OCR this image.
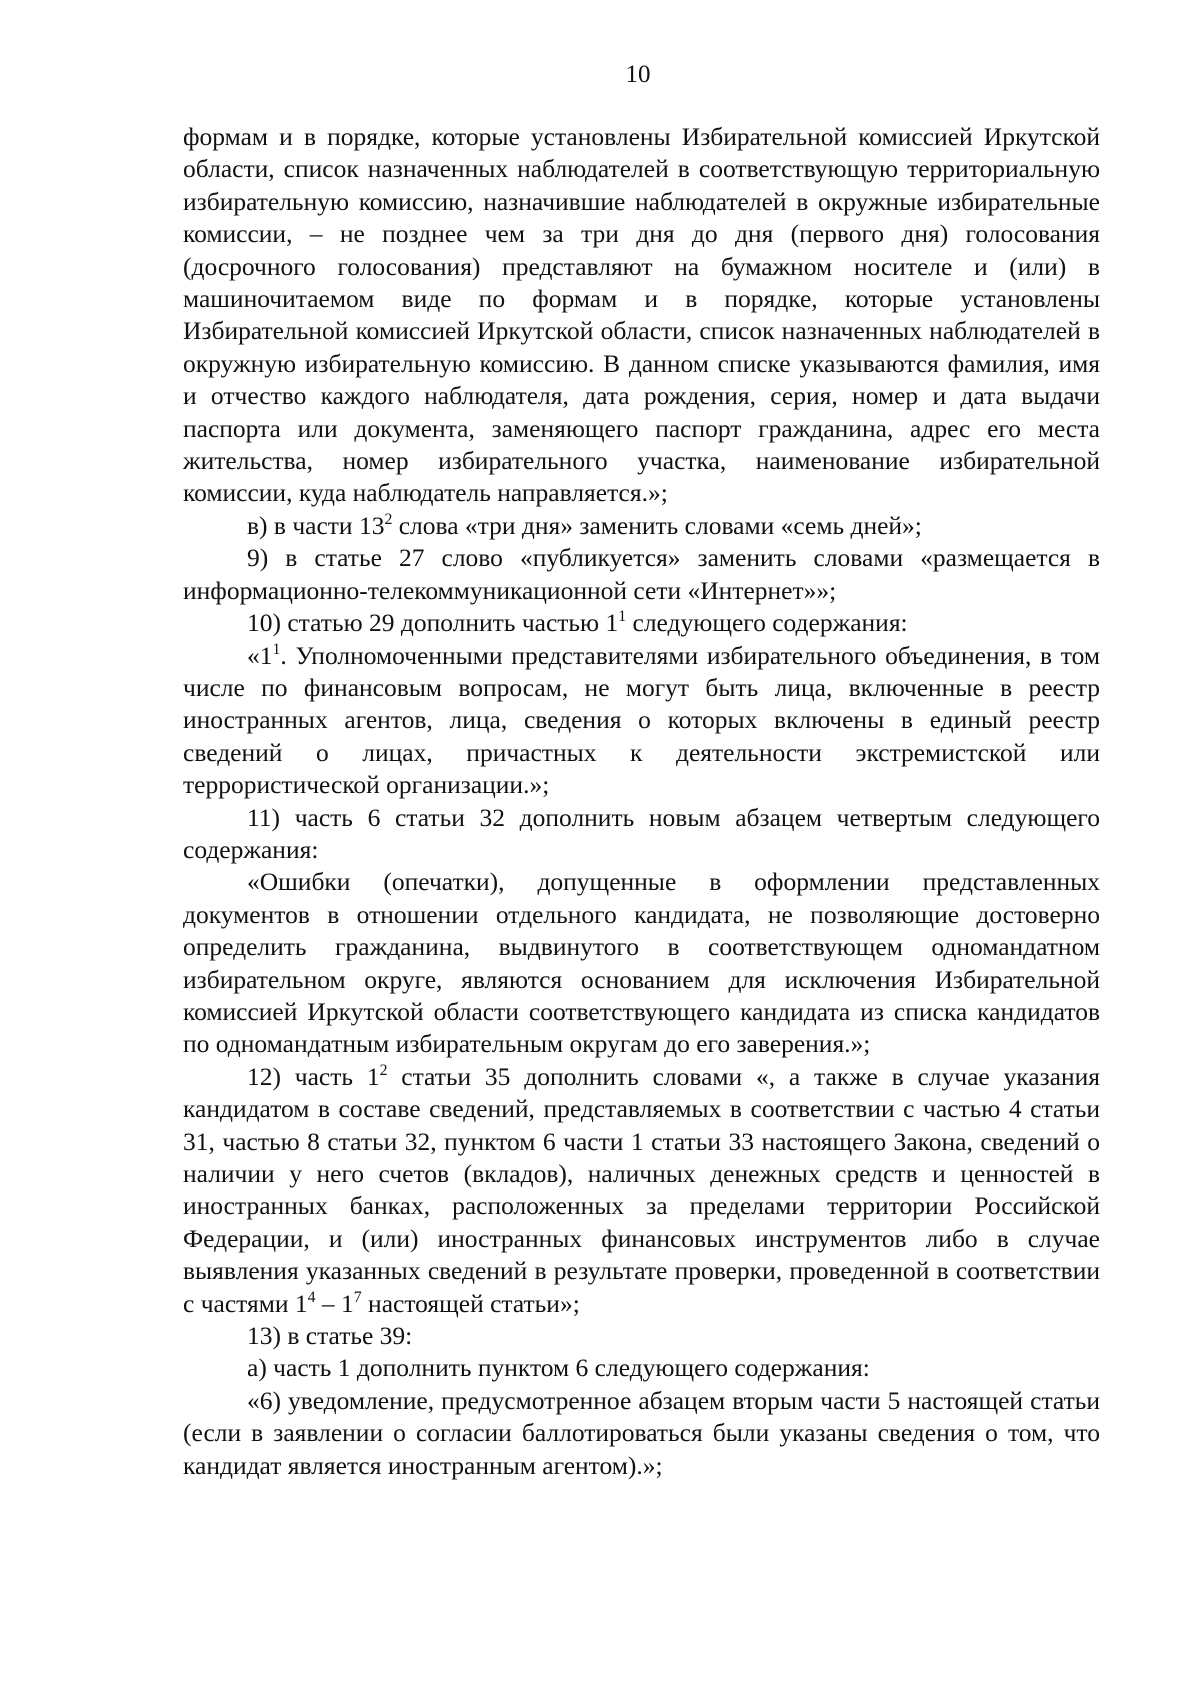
10

формам и в порядке, которые установлены Избирательной комиссией Иркутской области, список назначенных наблюдателей в соответствующую территориальную избирательную комиссию, назначившие наблюдателей в окружные избирательные комиссии, – не позднее чем за три дня до дня (первого дня) голосования (досрочного голосования) представляют на бумажном носителе и (или) в машиночитаемом виде по формам и в порядке, которые установлены Избирательной комиссией Иркутской области, список назначенных наблюдателей в окружную избирательную комиссию. В данном списке указываются фамилия, имя и отчество каждого наблюдателя, дата рождения, серия, номер и дата выдачи паспорта или документа, заменяющего паспорт гражданина, адрес его места жительства, номер избирательного участка, наименование избирательной комиссии, куда наблюдатель направляется.»;

в) в части $13^2$ слова «три дня» заменить словами «семь дней»;

9) в статье 27 слово «публикуется» заменить словами «размещается в информационно-телекоммуникационной сети «Интернет»»;

10) статью 29 дополнить частью $1^1$ следующего содержания:

«$1^1$. Уполномоченными представителями избирательного объединения, в том числе по финансовым вопросам, не могут быть лица, включенные в реестр иностранных агентов, лица, сведения о которых включены в единый реестр сведений о лицах, причастных к деятельности экстремистской или террористической организации.»;

11) часть 6 статьи 32 дополнить новым абзацем четвертым следующего содержания:

«Ошибки (опечатки), допущенные в оформлении представленных документов в отношении отдельного кандидата, не позволяющие достоверно определить гражданина, выдвинутого в соответствующем одномандатном избирательном округе, являются основанием для исключения Избирательной комиссией Иркутской области соответствующего кандидата из списка кандидатов по одномандатным избирательным округам до его заверения.»;

12) часть $1^2$ статьи 35 дополнить словами «, а также в случае указания кандидатом в составе сведений, представляемых в соответствии с частью 4 статьи 31, частью 8 статьи 32, пунктом 6 части 1 статьи 33 настоящего Закона, сведений о наличии у него счетов (вкладов), наличных денежных средств и ценностей в иностранных банках, расположенных за пределами территории Российской Федерации, и (или) иностранных финансовых инструментов либо в случае выявления указанных сведений в результате проверки, проведенной в соответствии с частями $1^4 - 1^7$ настоящей статьи»;

13) в статье 39:

а) часть 1 дополнить пунктом 6 следующего содержания:

«6) уведомление, предусмотренное абзацем вторым части 5 настоящей статьи (если в заявлении о согласии баллотироваться были указаны сведения о том, что кандидат является иностранным агентом).»;
